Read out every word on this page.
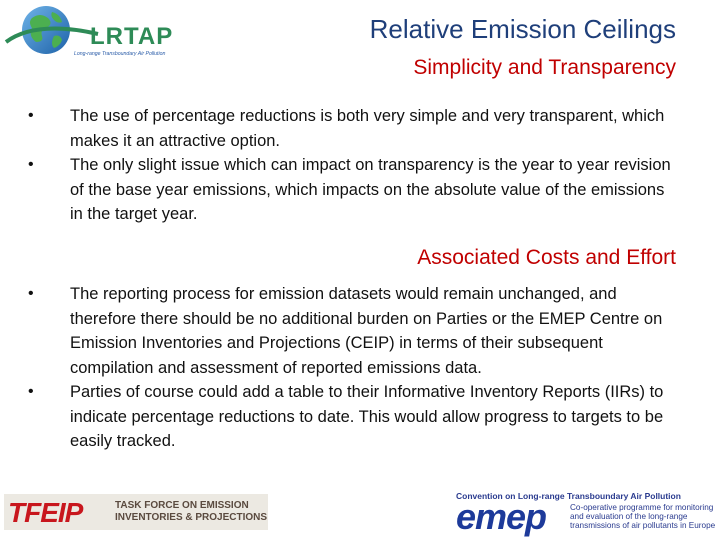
LRTAP
Long-range Transboundary Air Pollution
Relative Emission Ceilings
Simplicity and Transparency
• The use of percentage reductions is both very simple and very transparent, which makes it an attractive option.
• The only slight issue which can impact on transparency is the year to year revision of the base year emissions, which impacts on the absolute value of the emissions in the target year.
Associated Costs and Effort
• The reporting process for emission datasets would remain unchanged, and therefore there should be no additional burden on Parties or the EMEP Centre on Emission Inventories and Projections (CEIP) in terms of their subsequent compilation and assessment of reported emissions data.
• Parties of course could add a table to their Informative Inventory Reports (IIRs) to indicate percentage reductions to date. This would allow progress to targets to be easily tracked.
TFEIP	TASK FORCE ON EMISSION
INVENTORIES & PROJECTIONS
Convention on Long-range Transboundary Air Pollution
emep	Co-operative programme for monitoring
and evaluation of the long-range
transmissions of air pollutants in Europe
